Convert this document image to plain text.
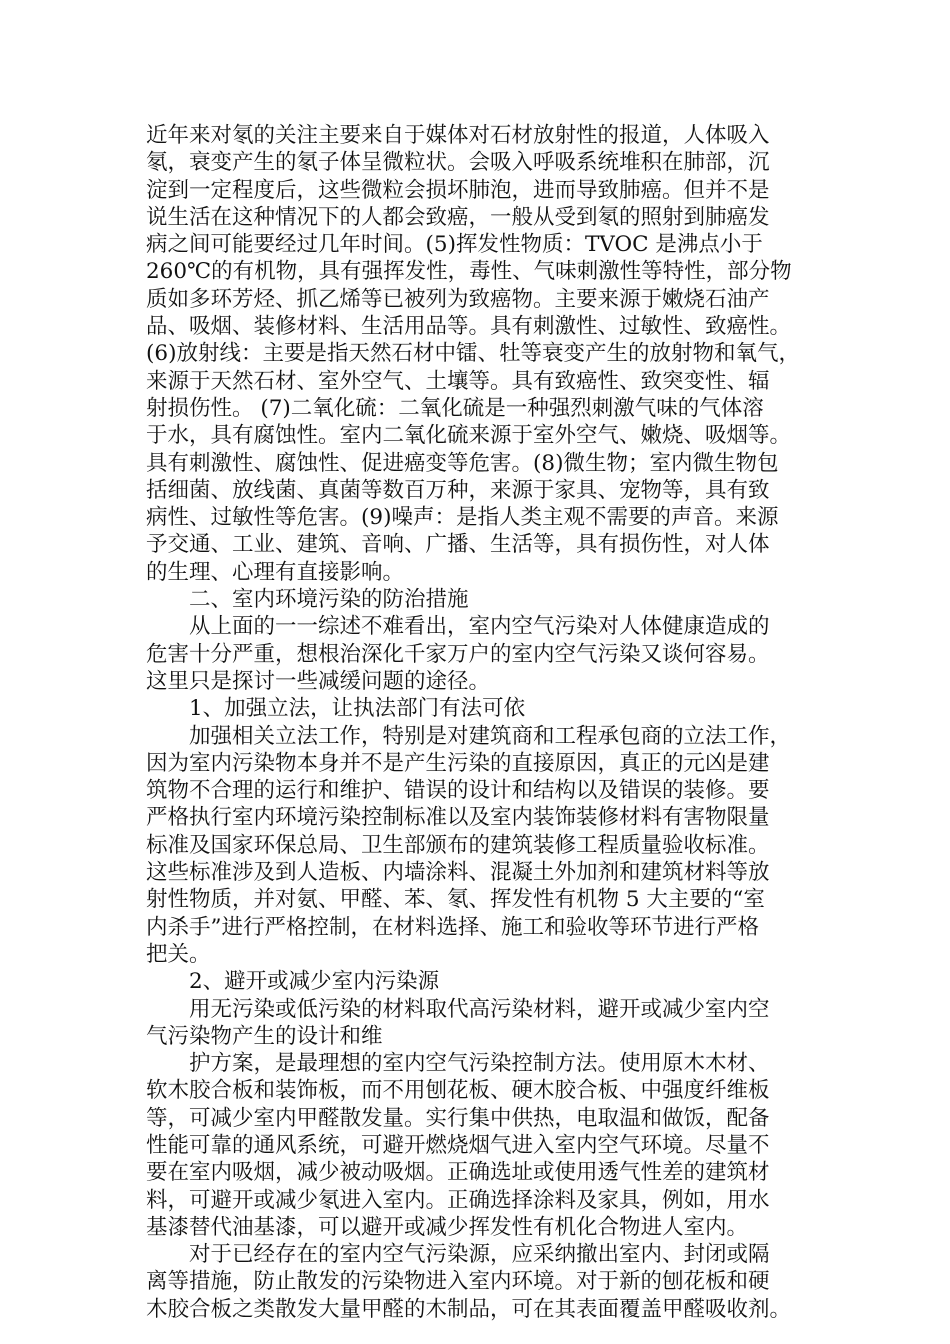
近年来对氡的关注主要来自于媒体对石材放射性的报道，人体吸入
氡，衰变产生的氡子体呈微粒状。会吸入呼吸系统堆积在肺部，沉
淀到一定程度后，这些微粒会损坏肺泡，进而导致肺癌。但并不是
说生活在这种情况下的人都会致癌，一般从受到氡的照射到肺癌发
病之间可能要经过几年时间。(5)挥发性物质：TVOC 是沸点小于
260℃的有机物，具有强挥发性，毒性、气味刺激性等特性，部分物
质如多环芳烃、抓乙烯等已被列为致癌物。主要来源于嫩烧石油产
品、吸烟、装修材料、生活用品等。具有刺激性、过敏性、致癌性。
(6)放射线：主要是指天然石材中镭、牡等衰变产生的放射物和氧气，
来源于天然石材、室外空气、土壤等。具有致癌性、致突变性、辐
射损伤性。 (7)二氧化硫：二氧化硫是一种强烈刺激气味的气体溶
于水，具有腐蚀性。室内二氧化硫来源于室外空气、嫩烧、吸烟等。
具有刺激性、腐蚀性、促进癌变等危害。(8)微生物；室内微生物包
括细菌、放线菌、真菌等数百万种，来源于家具、宠物等，具有致
病性、过敏性等危害。(9)噪声：是指人类主观不需要的声音。来源
予交通、工业、建筑、音响、广播、生活等，具有损伤性，对人体
的生理、心理有直接影响。
二、室内环境污染的防治措施
从上面的一一综述不难看出，室内空气污染对人体健康造成的
危害十分严重，想根治深化千家万户的室内空气污染又谈何容易。
这里只是探讨一些减缓问题的途径。
1、加强立法，让执法部门有法可依
加强相关立法工作，特别是对建筑商和工程承包商的立法工作，
因为室内污染物本身并不是产生污染的直接原因，真正的元凶是建
筑物不合理的运行和维护、错误的设计和结构以及错误的装修。要
严格执行室内环境污染控制标准以及室内装饰装修材料有害物限量
标准及国家环保总局、卫生部颁布的建筑装修工程质量验收标准。
这些标准涉及到人造板、内墙涂料、混凝土外加剂和建筑材料等放
射性物质，并对氨、甲醛、苯、氡、挥发性有机物 5 大主要的“室
内杀手”进行严格控制，在材料选择、施工和验收等环节进行严格
把关。
2、避开或减少室内污染源
用无污染或低污染的材料取代高污染材料，避开或减少室内空
气污染物产生的设计和维
护方案，是最理想的室内空气污染控制方法。使用原木木材、
软木胶合板和装饰板，而不用刨花板、硬木胶合板、中强度纤维板
等，可减少室内甲醛散发量。实行集中供热，电取温和做饭，配备
性能可靠的通风系统，可避开燃烧烟气进入室内空气环境。尽量不
要在室内吸烟，减少被动吸烟。正确选址或使用透气性差的建筑材
料，可避开或减少氡进入室内。正确选择涂料及家具，例如，用水
基漆替代油基漆，可以避开或减少挥发性有机化合物进人室内。
对于已经存在的室内空气污染源，应采纳撤出室内、封闭或隔
离等措施，防止散发的污染物进入室内环境。对于新的刨花板和硬
木胶合板之类散发大量甲醛的木制品，可在其表面覆盖甲醛吸收剂。
